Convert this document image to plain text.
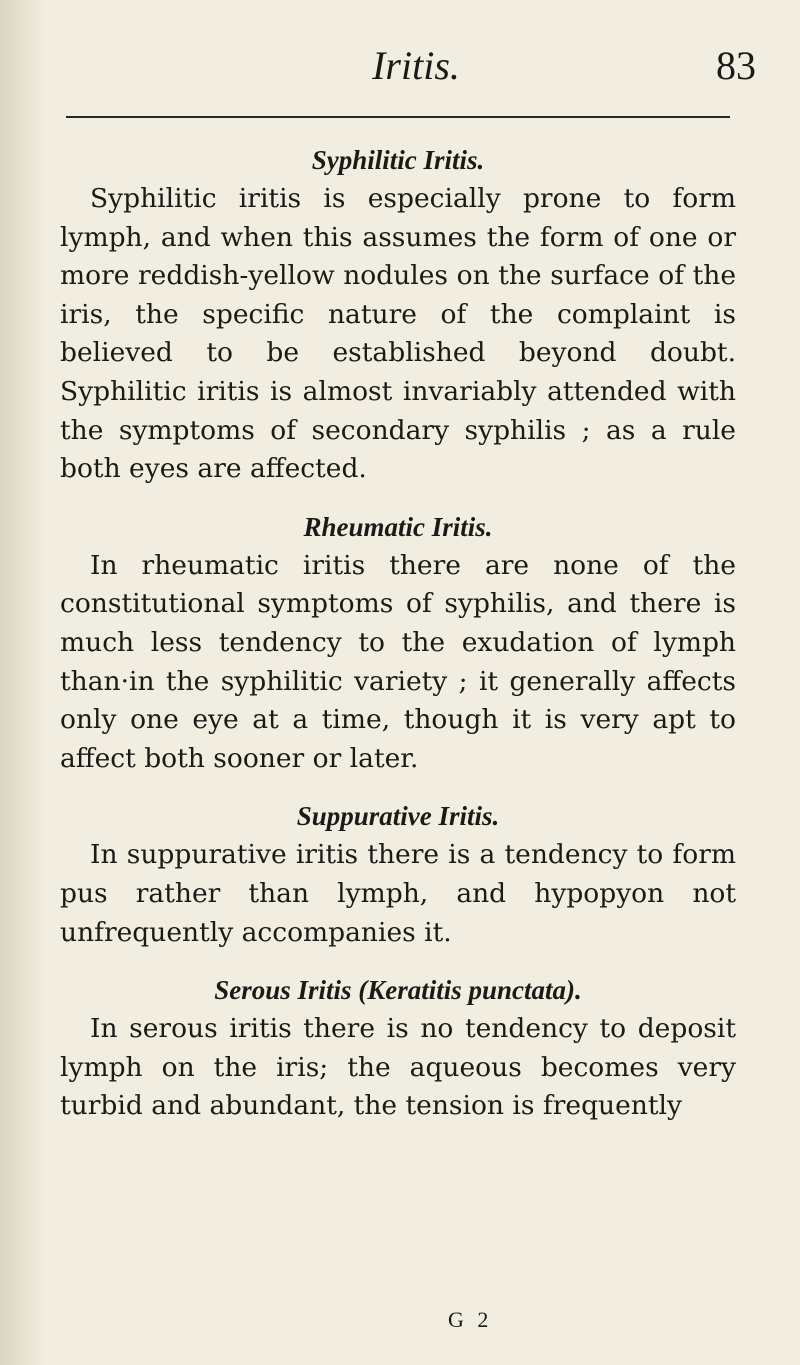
Iritis.	83
Syphilitic Iritis.

Syphilitic iritis is especially prone to form lymph, and when this assumes the form of one or more reddish-yellow nodules on the surface of the iris, the specific nature of the complaint is believed to be established beyond doubt. Syphilitic iritis is almost invariably attended with the symptoms of secondary syphilis ; as a rule both eyes are affected.

Rheumatic Iritis.

In rheumatic iritis there are none of the constitutional symptoms of syphilis, and there is much less tendency to the exudation of lymph than·in the syphilitic variety ; it generally affects only one eye at a time, though it is very apt to affect both sooner or later.

Suppurative Iritis.

In suppurative iritis there is a tendency to form pus rather than lymph, and hypopyon not unfrequently accompanies it.

Serous Iritis (Keratitis punctata).

In serous iritis there is no tendency to deposit lymph on the iris; the aqueous becomes very turbid and abundant, the tension is frequently

G 2
